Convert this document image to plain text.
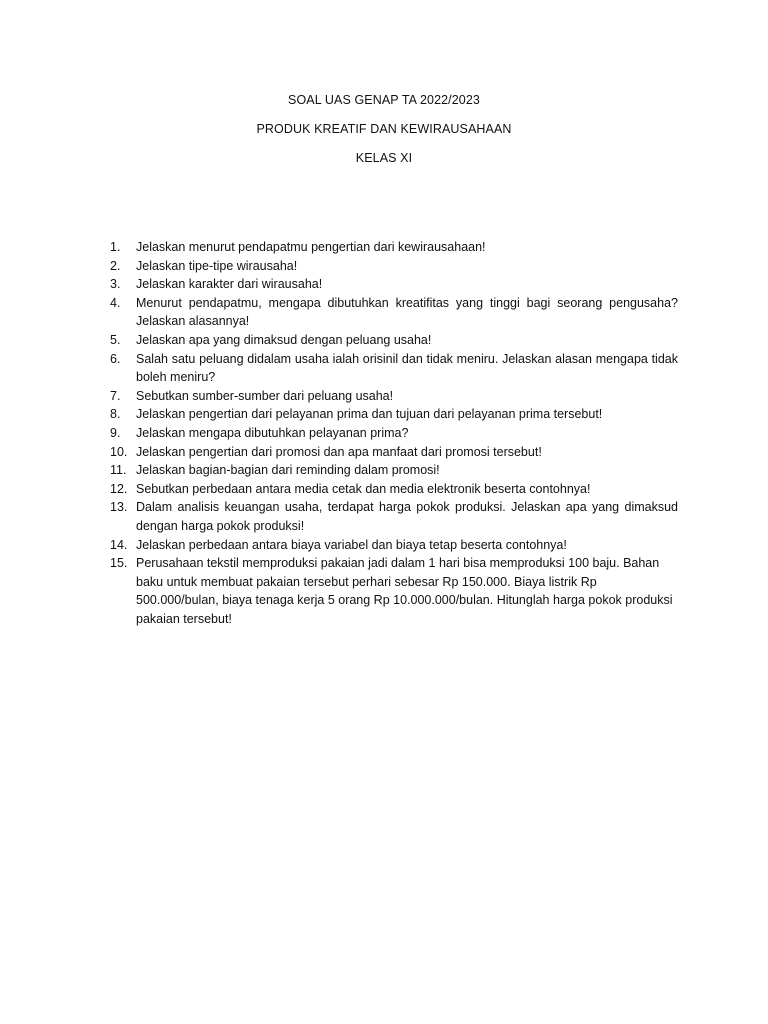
SOAL UAS GENAP TA 2022/2023
PRODUK KREATIF DAN KEWIRAUSAHAAN
KELAS XI
1.	Jelaskan menurut pendapatmu pengertian dari kewirausahaan!
2.	Jelaskan tipe-tipe wirausaha!
3.	Jelaskan karakter dari wirausaha!
4.	Menurut pendapatmu, mengapa dibutuhkan kreatifitas yang tinggi bagi seorang pengusaha? Jelaskan alasannya!
5.	Jelaskan apa yang dimaksud dengan peluang usaha!
6.	Salah satu peluang didalam usaha ialah orisinil dan tidak meniru. Jelaskan alasan mengapa tidak boleh meniru?
7.	Sebutkan sumber-sumber dari peluang usaha!
8.	Jelaskan pengertian dari pelayanan prima dan tujuan dari pelayanan prima tersebut!
9.	Jelaskan mengapa dibutuhkan pelayanan prima?
10. Jelaskan pengertian dari promosi dan apa manfaat dari promosi tersebut!
11. Jelaskan bagian-bagian dari reminding dalam promosi!
12. Sebutkan perbedaan antara media cetak dan media elektronik beserta contohnya!
13. Dalam analisis keuangan usaha, terdapat harga pokok produksi. Jelaskan apa yang dimaksud dengan harga pokok produksi!
14. Jelaskan perbedaan antara biaya variabel dan biaya tetap beserta contohnya!
15. Perusahaan tekstil memproduksi pakaian jadi dalam 1 hari bisa memproduksi 100 baju. Bahan baku untuk membuat pakaian tersebut perhari sebesar Rp 150.000. Biaya listrik Rp 500.000/bulan, biaya tenaga kerja 5 orang Rp 10.000.000/bulan. Hitunglah harga pokok produksi pakaian tersebut!
